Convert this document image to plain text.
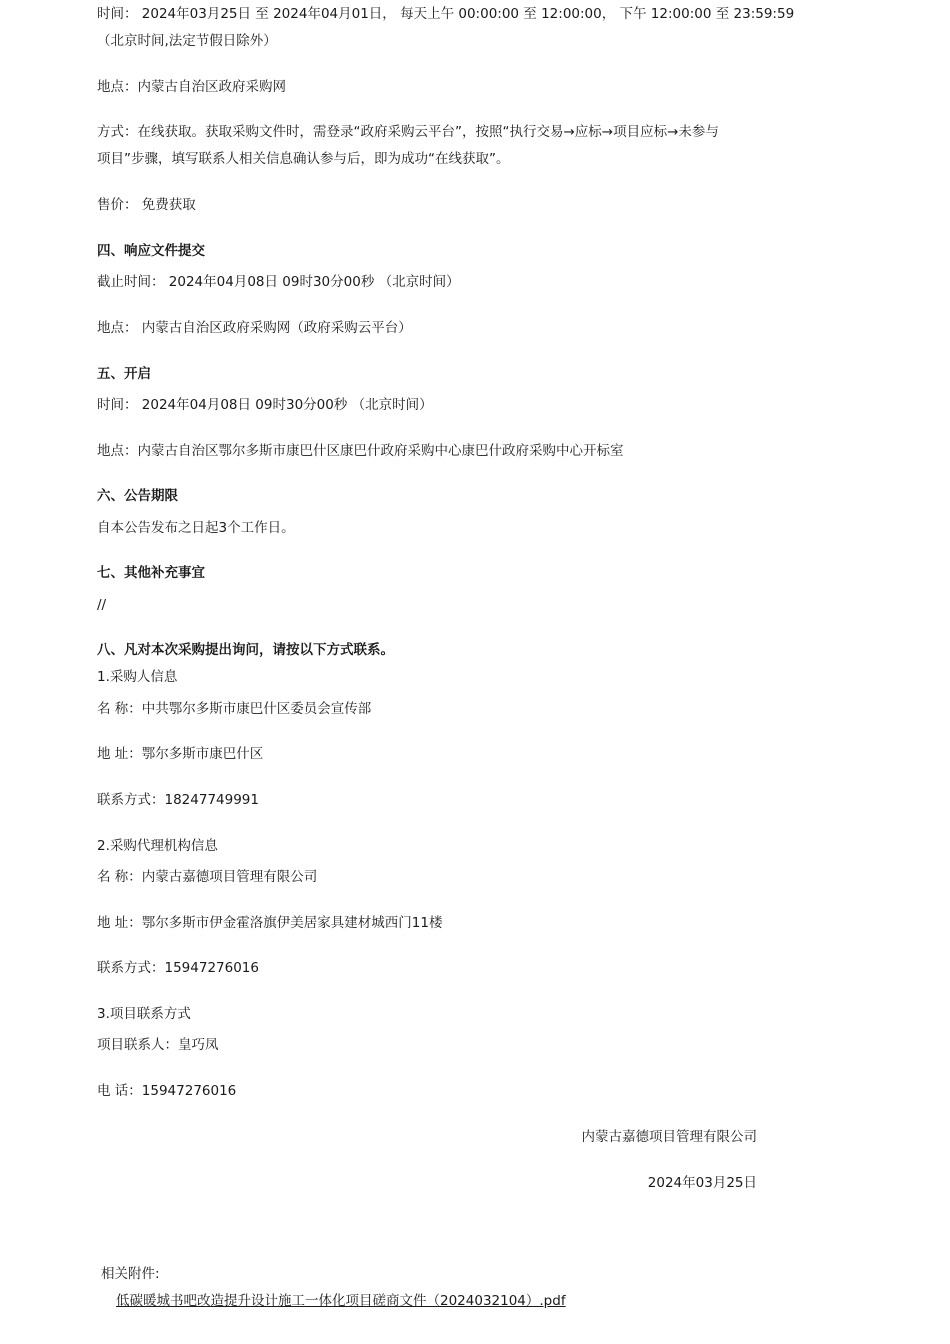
时间： 2024年03月25日 至 2024年04月01日， 每天上午 00:00:00 至 12:00:00， 下午 12:00:00 至 23:59:59
（北京时间,法定节假日除外）
地点：内蒙古自治区政府采购网
方式：在线获取。获取采购文件时，需登录“政府采购云平台”，按照“执行交易→应标→项目应标→未参与
项目”步骤，填写联系人相关信息确认参与后，即为成功“在线获取”。
售价： 免费获取
四、响应文件提交
截止时间： 2024年04月08日 09时30分00秒 （北京时间）
地点： 内蒙古自治区政府采购网（政府采购云平台）
五、开启
时间： 2024年04月08日 09时30分00秒 （北京时间）
地点：内蒙古自治区鄂尔多斯市康巴什区康巴什政府采购中心康巴什政府采购中心开标室
六、公告期限
自本公告发布之日起3个工作日。
七、其他补充事宜
//
八、凡对本次采购提出询问，请按以下方式联系。
1.采购人信息
名 称：中共鄂尔多斯市康巴什区委员会宣传部
地 址：鄂尔多斯市康巴什区
联系方式：18247749991
2.采购代理机构信息
名 称：内蒙古嘉德项目管理有限公司
地 址：鄂尔多斯市伊金霍洛旗伊美居家具建材城西门11楼
联系方式：15947276016
3.项目联系方式
项目联系人：皇巧凤
电 话：15947276016
内蒙古嘉德项目管理有限公司
2024年03月25日
相关附件:
低碳暖城书吧改造提升设计施工一体化项目磋商文件（2024032104）.pdf
